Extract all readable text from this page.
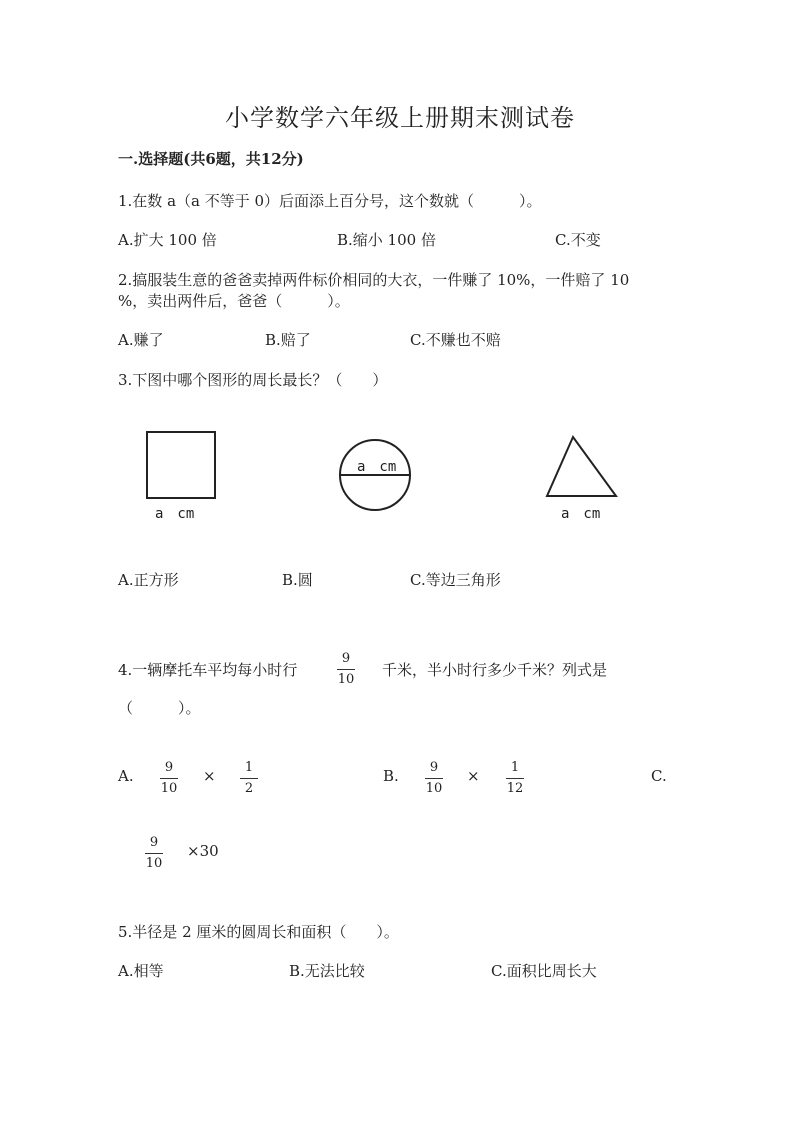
小学数学六年级上册期末测试卷
一.选择题(共6题，共12分)
1.在数 a（a 不等于 0）后面添上百分号，这个数就（　　　）。
A.扩大 100 倍	B.缩小 100 倍	C.不变
2.搞服装生意的爸爸卖掉两件标价相同的大衣，一件赚了 10%，一件赔了 10
%，卖出两件后，爸爸（　　　）。
A.赚了	B.赔了	C.不赚也不赔
3.下图中哪个图形的周长最长？（　　）
a　cm
a　cm
a　cm
A.正方形	B.圆	C.等边三角形
4.一辆摩托车平均每小时行
9
10
千米，半小时行多少千米？列式是
（　　　）。
A. 9
10
× 1
2
B. 9
10
× 1
12
C.
9
10
×30
5.半径是 2 厘米的圆周长和面积（　　）。
A.相等	B.无法比较	C.面积比周长大
